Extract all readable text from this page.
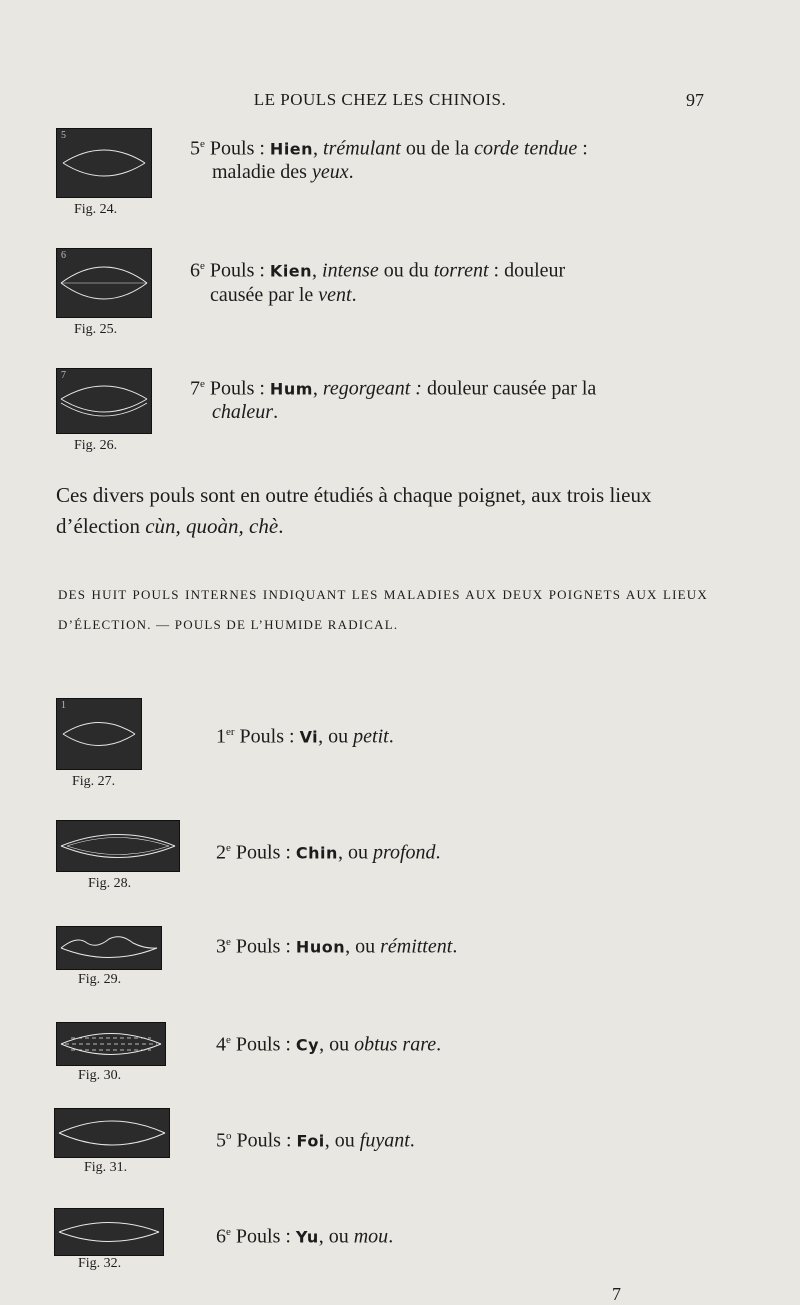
LE POULS CHEZ LES CHINOIS.	97
5
Fig. 24.
6
Fig. 25.
7
Fig. 26.
5e Pouls : Hien, trémulant ou de la corde tendue :
maladie des yeux.
6e Pouls : Kien, intense ou du torrent : douleur
causée par le vent.
7e Pouls : Hum, regorgeant : douleur causée par la
chaleur.
Ces divers pouls sont en outre étudiés à chaque poignet, aux trois lieux d’élection cùn, quoàn, chè.
DES HUIT POULS INTERNES INDIQUANT LES MALADIES AUX DEUX POIGNETS AUX LIEUX D’ÉLECTION. — POULS DE L’HUMIDE RADICAL.
1
Fig. 27.
Fig. 28.
Fig. 29.
Fig. 30.
Fig. 31.
Fig. 32.
1er Pouls : Vi, ou petit.
2e Pouls : Chin, ou profond.
3e Pouls : Huon, ou rémittent.
4e Pouls : Cy, ou obtus rare.
5$^o$ Pouls : Foi, ou fuyant.
6e Pouls : Yu, ou mou.
7
